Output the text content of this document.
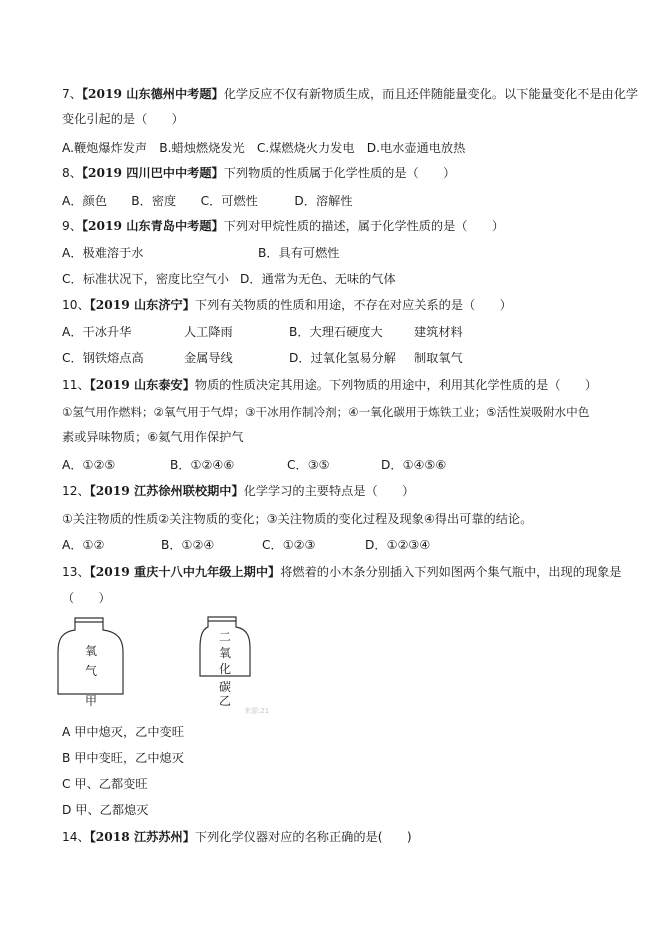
7、【2019 山东德州中考题】化学反应不仅有新物质生成，而且还伴随能量变化。以下能量变化不是由化学
变化引起的是（　　）
A.鞭炮爆炸发声　B.蜡烛燃烧发光　C.煤燃烧火力发电　D.电水壶通电放热
8、【2019 四川巴中中考题】下列物质的性质属于化学性质的是（　　）
A．颜色　　B．密度　　C．可燃性　　　D．溶解性
9、【2019 山东青岛中考题】下列对甲烷性质的描述，属于化学性质的是（　　）
A．极难溶于水	B．具有可燃性
C．标准状况下，密度比空气小 D．通常为无色、无味的气体
10、【2019 山东济宁】下列有关物质的性质和用途，不存在对应关系的是（　　）
A．干冰升华	人工降雨	B．大理石硬度大	建筑材料
C．钢铁熔点高	金属导线	D．过氧化氢易分解 制取氧气
11、【2019 山东泰安】物质的性质决定其用途。下列物质的用途中，利用其化学性质的是（　　）
①氢气用作燃料；②氧气用于气焊；③干冰用作制冷剂；④一氧化碳用于炼铁工业；⑤活性炭吸附水中色
素或异味物质；⑥氦气用作保护气
A．①②⑤	B．①②④⑥	C．③⑤	D．①④⑤⑥
12、【2019 江苏徐州联校期中】化学学习的主要特点是（　　）
①关注物质的性质②关注物质的变化；③关注物质的变化过程及现象④得出可靠的结论。
A．①②	B．①②④	C．①②③	D．①②③④
13、【2019 重庆十八中九年级上期中】将燃着的小木条分别插入下列如图两个集气瓶中，出现的现象是
（　　）
氧
气
甲
二
氧
化
碳
乙
来源:21
A 甲中熄灭，乙中变旺
B 甲中变旺，乙中熄灭
C 甲、乙都变旺
D 甲、乙都熄灭
14、【2018 江苏苏州】下列化学仪器对应的名称正确的是(　　)
